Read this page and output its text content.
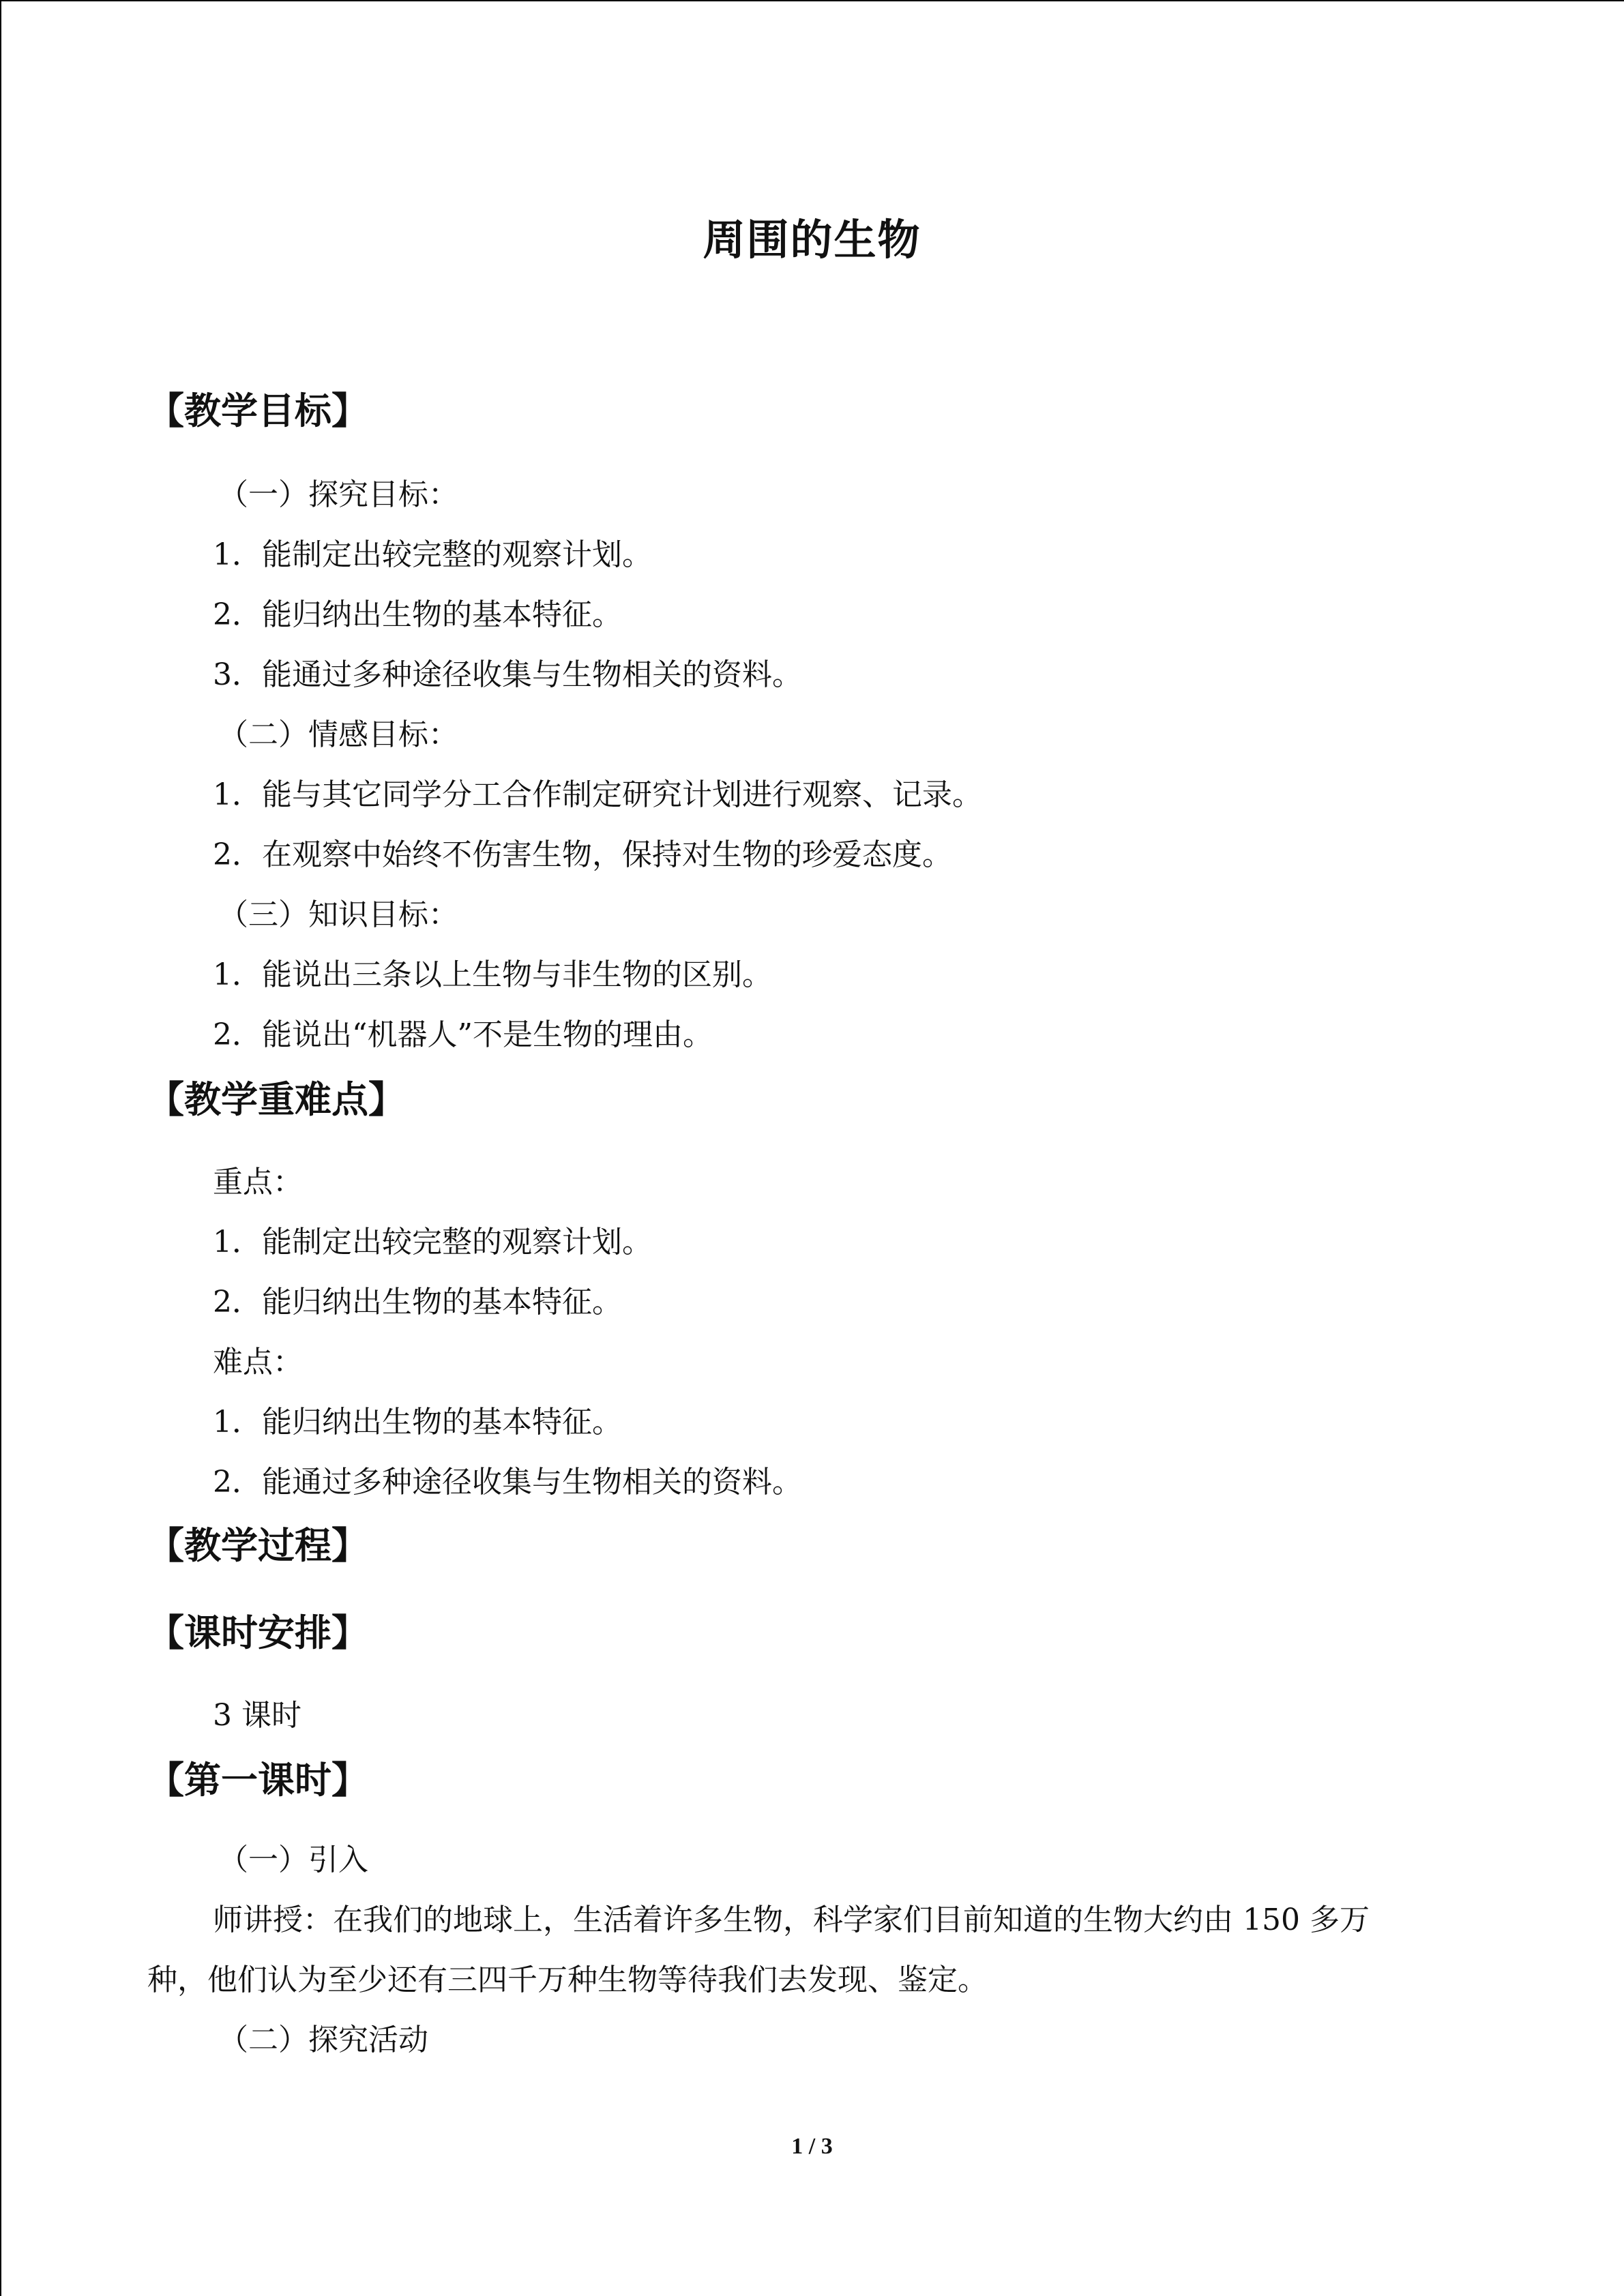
周围的生物
【教学目标】
（一）探究目标：
1．能制定出较完整的观察计划。
2．能归纳出生物的基本特征。
3．能通过多种途径收集与生物相关的资料。
（二）情感目标：
1．能与其它同学分工合作制定研究计划进行观察、记录。
2．在观察中始终不伤害生物，保持对生物的珍爱态度。
（三）知识目标：
1．能说出三条以上生物与非生物的区别。
2．能说出“机器人”不是生物的理由。
【教学重难点】
重点：
1．能制定出较完整的观察计划。
2．能归纳出生物的基本特征。
难点：
1．能归纳出生物的基本特征。
2．能通过多种途径收集与生物相关的资料。
【教学过程】
【课时安排】
3 课时
【第一课时】
（一）引入
师讲授：在我们的地球上，生活着许多生物，科学家们目前知道的生物大约由 150 多万
种，他们认为至少还有三四千万种生物等待我们去发现、鉴定。
（二）探究活动
1 / 3
